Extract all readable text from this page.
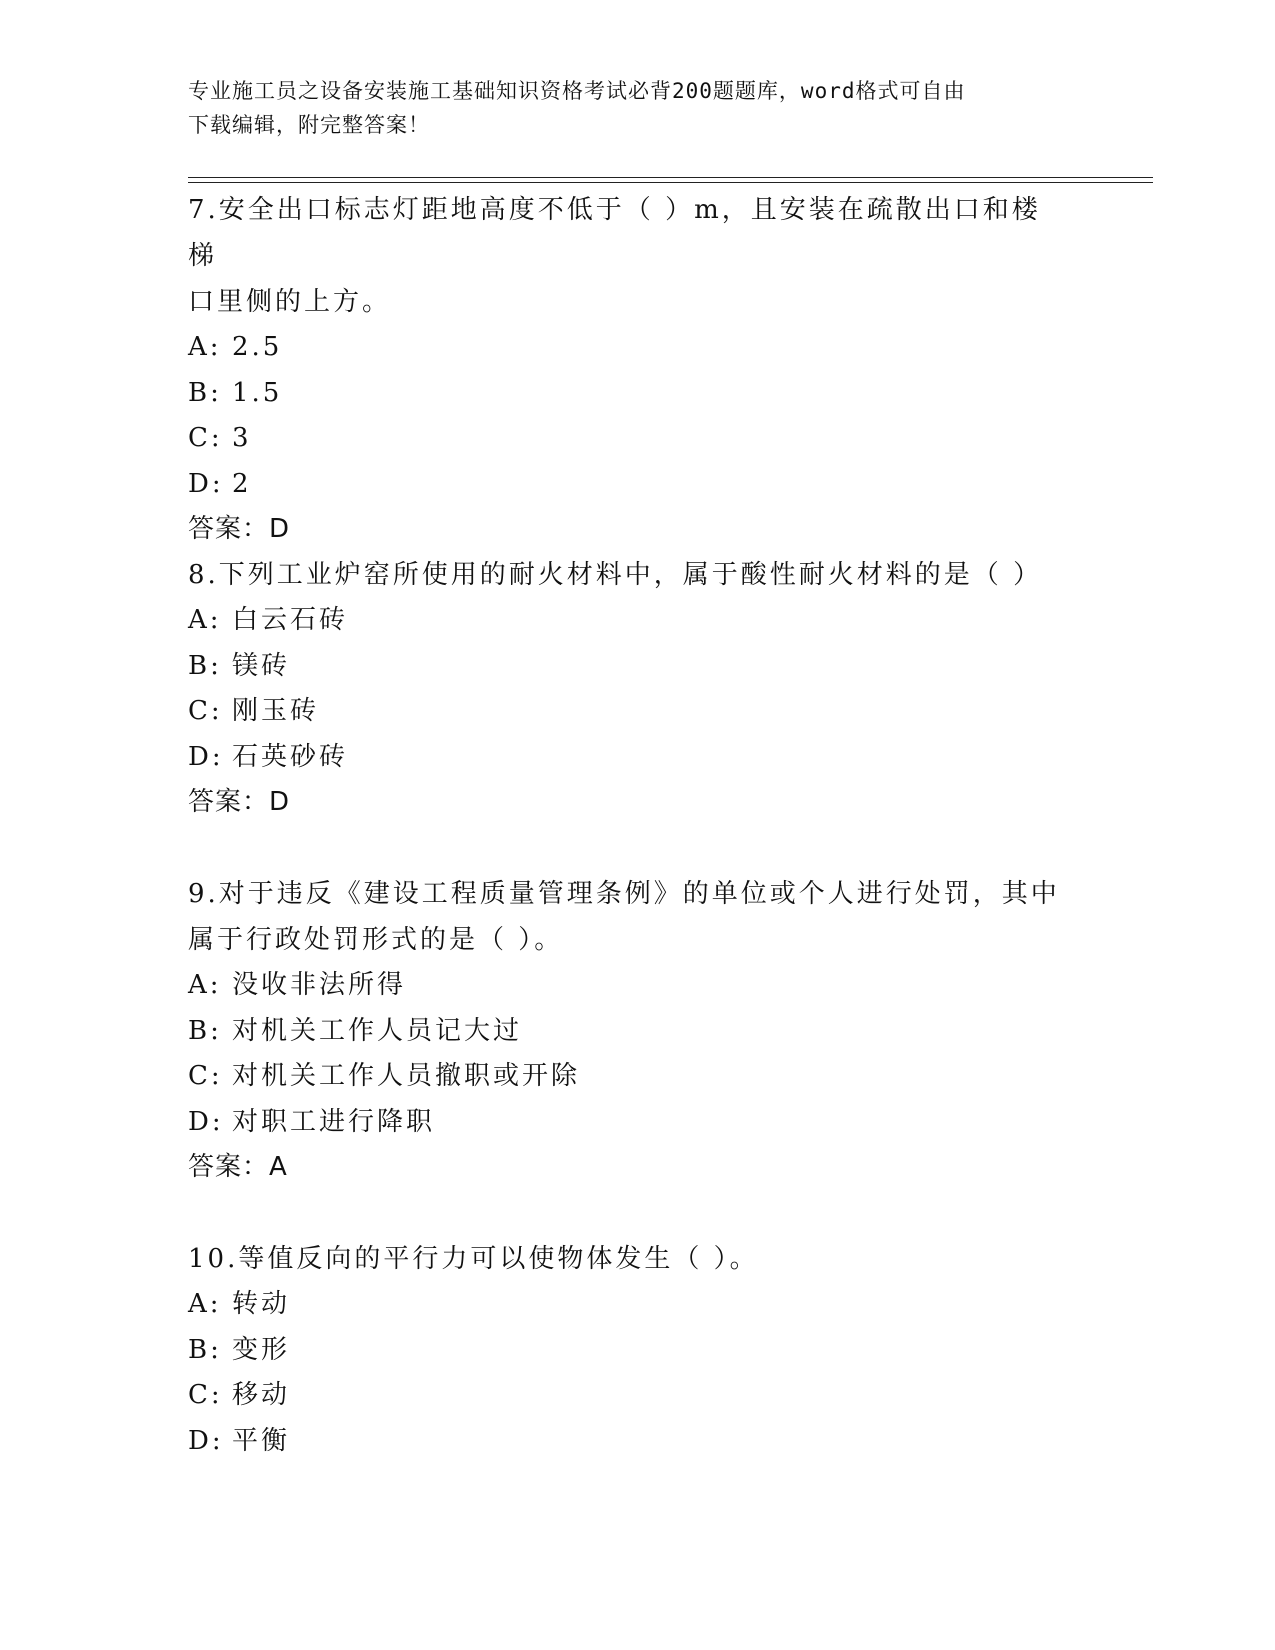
专业施工员之设备安装施工基础知识资格考试必背200题题库，word格式可自由
下载编辑，附完整答案！
7.安全出口标志灯距地高度不低于（ ）m，且安装在疏散出口和楼梯
口里侧的上方。
A: 2.5
B: 1.5
C: 3
D: 2
答案：D
8.下列工业炉窑所使用的耐火材料中，属于酸性耐火材料的是（ ）
A: 白云石砖
B: 镁砖
C: 刚玉砖
D: 石英砂砖
答案：D
9.对于违反《建设工程质量管理条例》的单位或个人进行处罚，其中
属于行政处罚形式的是（ ）。
A: 没收非法所得
B: 对机关工作人员记大过
C: 对机关工作人员撤职或开除
D: 对职工进行降职
答案：A
10.等值反向的平行力可以使物体发生（ ）。
A: 转动
B: 变形
C: 移动
D: 平衡
